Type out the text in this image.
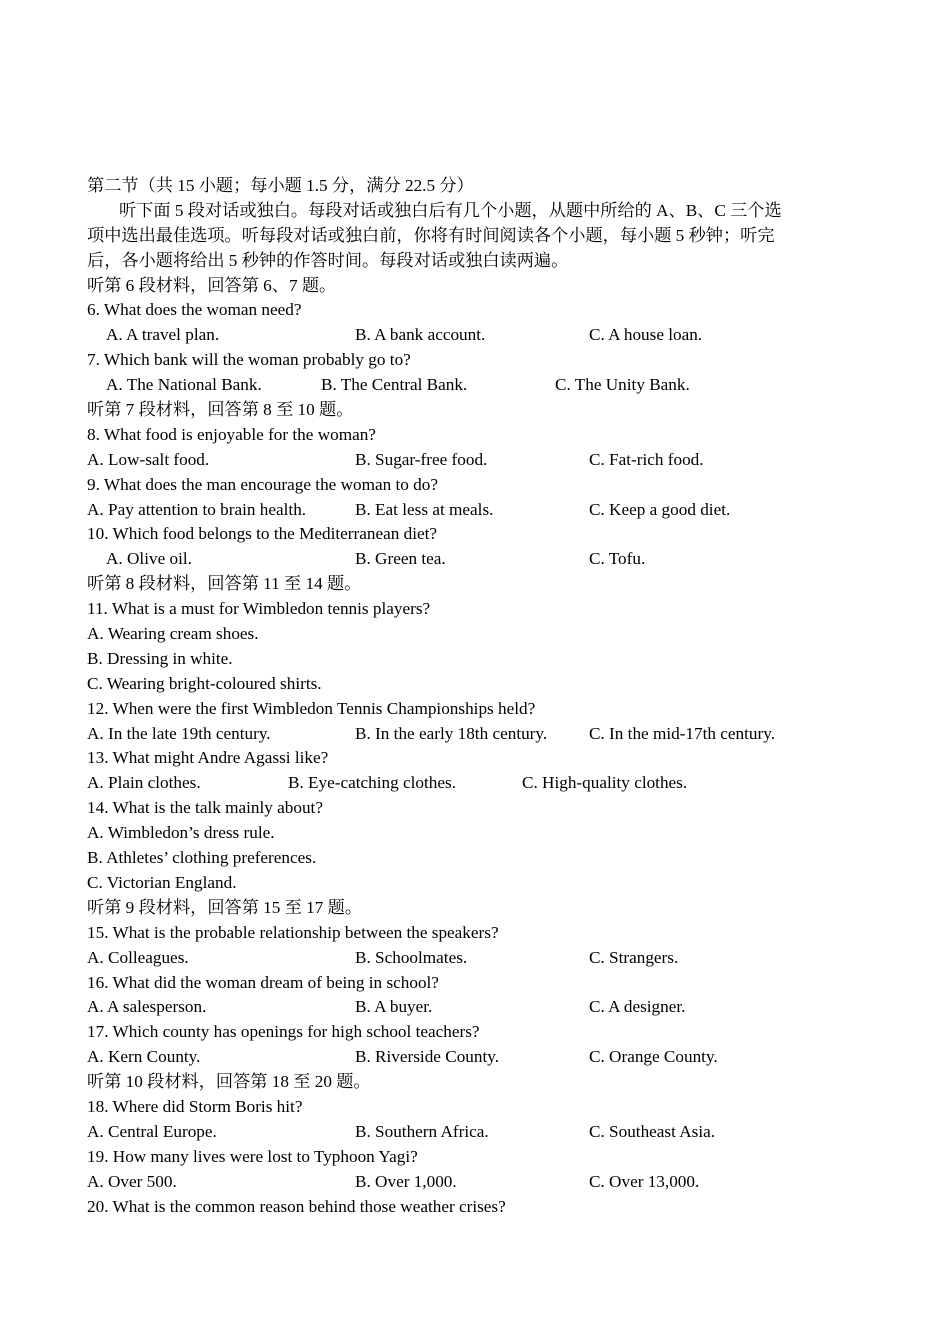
第二节（共 15 小题；每小题 1.5 分，满分 22.5 分）
听下面 5 段对话或独白。每段对话或独白后有几个小题，从题中所给的 A、B、C 三个选
项中选出最佳选项。听每段对话或独白前，你将有时间阅读各个小题，每小题 5 秒钟；听完
后，各小题将给出 5 秒钟的作答时间。每段对话或独白读两遍。
听第 6 段材料，回答第 6、7 题。
6. What does the woman need?
A. A travel plan.	B. A bank account.	C. A house loan.
7. Which bank will the woman probably go to?
A. The National Bank.	B. The Central Bank.	C. The Unity Bank.
听第 7 段材料，回答第 8 至 10 题。
8. What food is enjoyable for the woman?
A. Low-salt food.	B. Sugar-free food.	C. Fat-rich food.
9. What does the man encourage the woman to do?
A. Pay attention to brain health.	B. Eat less at meals.	C. Keep a good diet.
10. Which food belongs to the Mediterranean diet?
A. Olive oil.	B. Green tea.	C. Tofu.
听第 8 段材料，回答第 11 至 14 题。
11. What is a must for Wimbledon tennis players?
A. Wearing cream shoes.
B. Dressing in white.
C. Wearing bright-coloured shirts.
12. When were the first Wimbledon Tennis Championships held?
A. In the late 19th century.	B. In the early 18th century. C. In the mid-17th century.
13. What might Andre Agassi like?
A. Plain clothes.	B. Eye-catching clothes.	C. High-quality clothes.
14. What is the talk mainly about?
A. Wimbledon’s dress rule.
B. Athletes’ clothing preferences.
C. Victorian England.
听第 9 段材料，回答第 15 至 17 题。
15. What is the probable relationship between the speakers?
A. Colleagues.	B. Schoolmates.	C. Strangers.
16. What did the woman dream of being in school?
A. A salesperson.	B. A buyer.	C. A designer.
17. Which county has openings for high school teachers?
A. Kern County.	B. Riverside County.	C. Orange County.
听第 10 段材料，回答第 18 至 20 题。
18. Where did Storm Boris hit?
A. Central Europe.	B. Southern Africa.	C. Southeast Asia.
19. How many lives were lost to Typhoon Yagi?
A. Over 500.	B. Over 1,000.	C. Over 13,000.
20. What is the common reason behind those weather crises?
